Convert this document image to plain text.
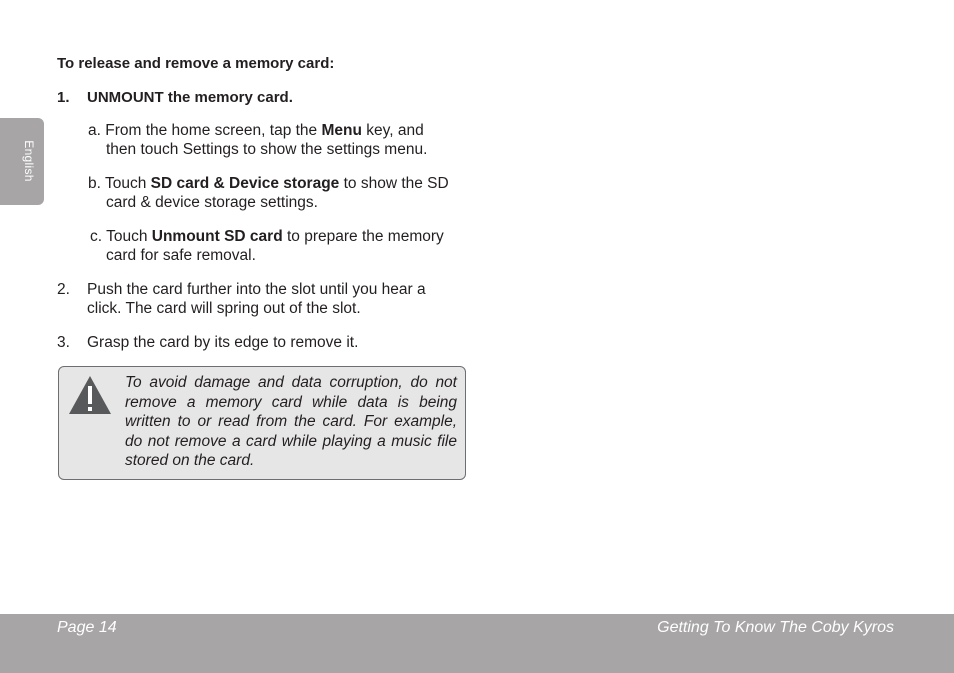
English
To release and remove a memory card:
1. UNMOUNT the memory card.
a. From the home screen, tap the Menu key, and
then touch Settings to show the settings menu.
b. Touch SD card & Device storage to show the SD
card & device storage settings.
c. Touch Unmount SD card to prepare the memory
card for safe removal.
2. Push the card further into the slot until you hear a
click. The card will spring out of the slot.
3. Grasp the card by its edge to remove it.
To avoid damage and data corruption, do not remove a memory card while data is being written to or read from the card. For example, do not remove a card while playing a music file stored on the card.
Page 14	Getting To Know The Coby Kyros
